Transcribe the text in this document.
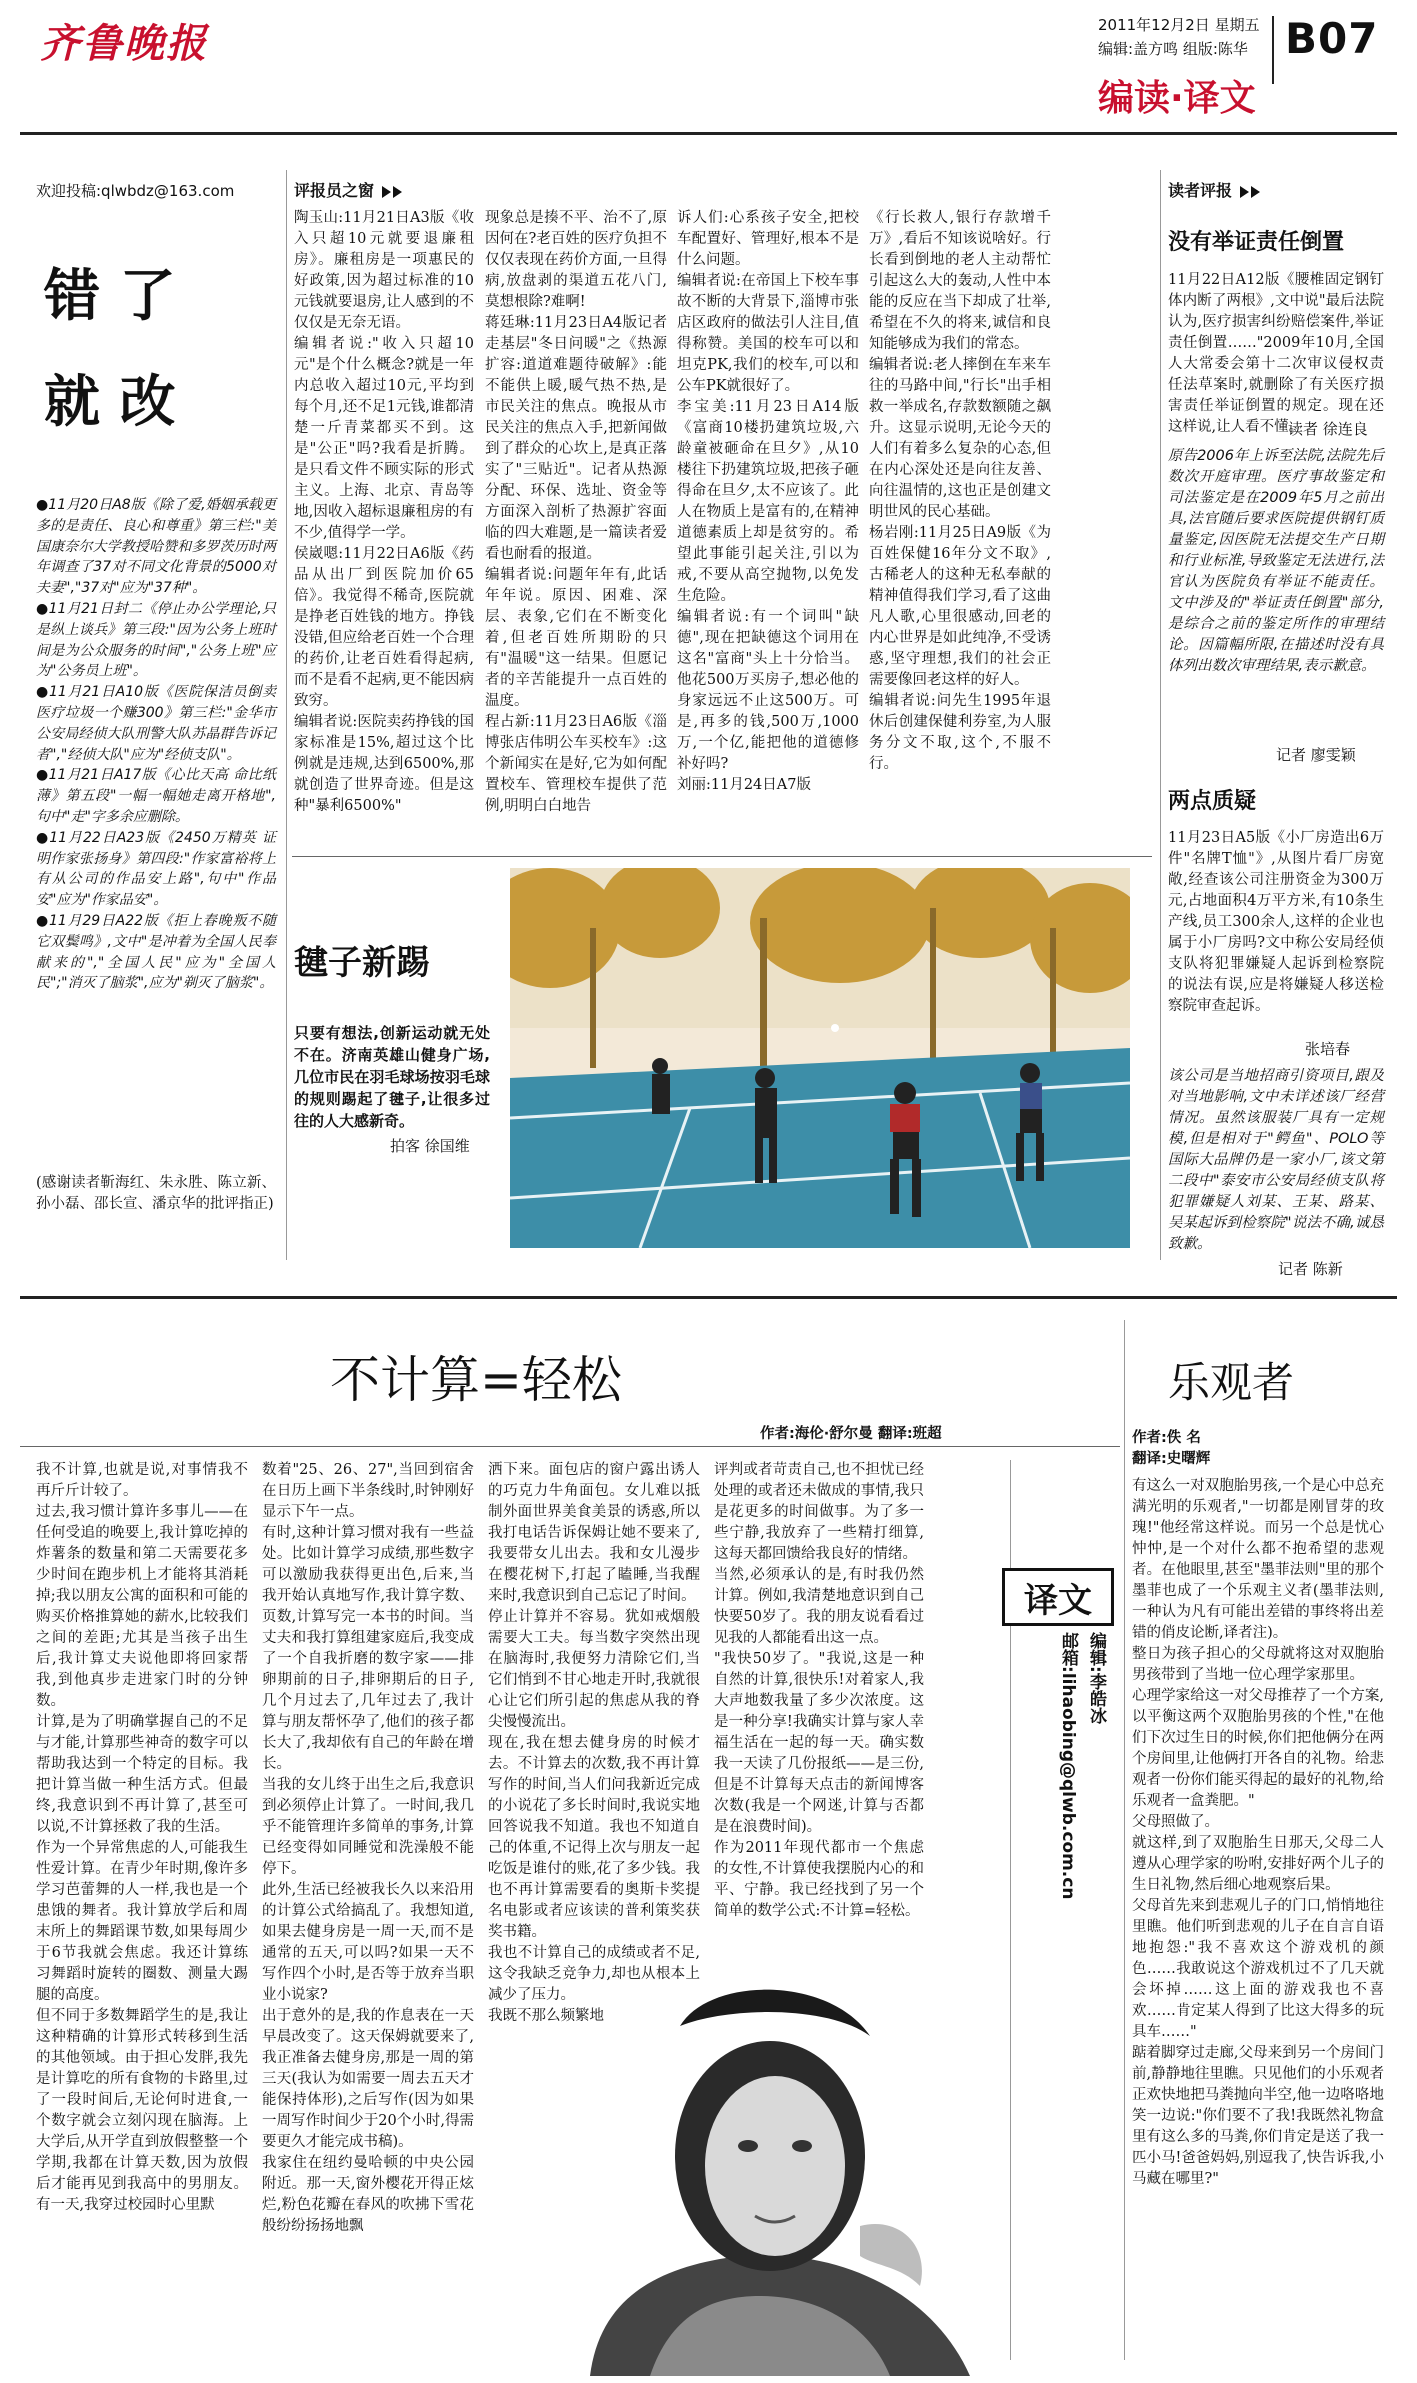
齐鲁晚报	2011年12月2日 星期五
编辑:盖方鸣 组版:陈华 B07
编读·译文
欢迎投稿:qlwbdz@163.com
错 了
就 改
●11月20日A8版《除了爱,婚姻承载更多的是责任、良心和尊重》第三栏:"美国康奈尔大学教授哈赞和多罗茨历时两年调查了37对不同文化背景的5000对夫妻","37对"应为"37种"。
●11月21日封二《停止办公学理论,只是纵上谈兵》第三段:"因为公务上班时间是为公众服务的时间","公务上班"应为"公务员上班"。
●11月21日A10版《医院保洁员倒卖医疗垃圾一个赚300》第三栏:"金华市公安局经侦大队刑警大队苏晶群告诉记者","经侦大队"应为"经侦支队"。
●11月21日A17版《心比天高 命比纸薄》第五段"一幅一幅她走离开格地",句中"走"字多余应删除。
●11月22日A23版《2450万精英 证明作家张扬身》第四段:"作家富裕将上有从公司的作品安上路",句中"作品安"应为"作家品安"。
●11月29日A22版《拒上春晚叛不随它双鬓鸣》,文中"是冲着为全国人民奉献来的","全国人民"应为"全国人民";"消灭了脑浆",应为"剃灭了脑浆"。
(感谢读者靳海红、朱永胜、陈立新、孙小磊、邵长宣、潘京华的批评指正)
评报员之窗
陶玉山:11月21日A3版《收入只超10元就要退廉租房》。廉租房是一项惠民的好政策,因为超过标准的10元钱就要退房,让人感到的不仅仅是无奈无语。
编辑者说:"收入只超10元"是个什么概念?就是一年内总收入超过10元,平均到每个月,还不足1元钱,谁都清楚一斤青菜都买不到。这是"公正"吗?我看是折腾。是只看文件不顾实际的形式主义。上海、北京、青岛等地,因收入超标退廉租房的有不少,值得学一学。
侯崴嗯:11月22日A6版《药品从出厂到医院加价65倍》。我觉得不稀奇,医院就是挣老百姓钱的地方。挣钱没错,但应给老百姓一个合理的药价,让老百姓看得起病,而不是看不起病,更不能因病致穷。
编辑者说:医院卖药挣钱的国家标准是15%,超过这个比例就是违规,达到6500%,那就创造了世界奇迹。但是这种"暴利6500%"
现象总是揍不平、治不了,原因何在?老百姓的医疗负担不仅仅表现在药价方面,一旦得病,放盘剥的渠道五花八门,莫想根除?难啊!
蒋廷琳:11月23日A4版记者走基层"冬日问暖"之《热源扩容:道道难题待破解》:能不能供上暖,暖气热不热,是市民关注的焦点。晚报从市民关注的焦点入手,把新闻做到了群众的心坎上,是真正落实了"三贴近"。记者从热源分配、环保、选址、资金等方面深入剖析了热源扩容面临的四大难题,是一篇读者爱看也耐看的报道。
编辑者说:问题年年有,此话年年说。原因、困难、深层、表象,它们在不断变化着,但老百姓所期盼的只有"温暖"这一结果。但愿记者的辛苦能提升一点百姓的温度。
程占新:11月23日A6版《淄博张店伟明公车买校车》:这个新闻实在是好,它为如何配置校车、管理校车提供了范例,明明白白地告
诉人们:心系孩子安全,把校车配置好、管理好,根本不是什么问题。
编辑者说:在帝国上下校车事故不断的大背景下,淄博市张店区政府的做法引人注目,值得称赞。美国的校车可以和坦克PK,我们的校车,可以和公车PK就很好了。
李宝美:11月23日A14版《富商10楼扔建筑垃圾,六龄童被砸命在旦夕》,从10楼往下扔建筑垃圾,把孩子砸得命在旦夕,太不应该了。此人在物质上是富有的,在精神道德素质上却是贫穷的。希望此事能引起关注,引以为戒,不要从高空抛物,以免发生危险。
编辑者说:有一个词叫"缺德",现在把缺德这个词用在这名"富商"头上十分恰当。他花500万买房子,想必他的身家远远不止这500万。可是,再多的钱,500万,1000万,一个亿,能把他的道德修补好吗?
刘丽:11月24日A7版
《行长救人,银行存款增千万》,看后不知该说啥好。行长看到倒地的老人主动帮忙引起这么大的轰动,人性中本能的反应在当下却成了壮举,希望在不久的将来,诚信和良知能够成为我们的常态。
编辑者说:老人摔倒在车来车往的马路中间,"行长"出手相救一举成名,存款数额随之飙升。这显示说明,无论今天的人们有着多么复杂的心态,但在内心深处还是向往友善、向往温情的,这也正是创建文明世风的民心基础。
杨岩刚:11月25日A9版《为百姓保健16年分文不取》,古稀老人的这种无私奉献的精神值得我们学习,看了这曲凡人歌,心里很感动,回老的内心世界是如此纯净,不受诱惑,坚守理想,我们的社会正需要像回老这样的好人。
编辑者说:问先生1995年退休后创建保健利券室,为人服务分文不取,这个,不服不行。
毽子新踢
只要有想法,创新运动就无处不在。济南英雄山健身广场,几位市民在羽毛球场按羽毛球的规则踢起了毽子,让很多过往的人大感新奇。
拍客 徐国维
读者评报
没有举证责任倒置
11月22日A12版《腰椎固定钢钉体内断了两根》,文中说"最后法院认为,医疗损害纠纷赔偿案件,举证责任倒置……"2009年10月,全国人大常委会第十二次审议侵权责任法草案时,就删除了有关医疗损害责任举证倒置的规定。现在还这样说,让人看不懂。
读者 徐连良
原告2006年上诉至法院,法院先后数次开庭审理。医疗事故鉴定和司法鉴定是在2009年5月之前出具,法官随后要求医院提供钢钉质量鉴定,因医院无法提交生产日期和行业标准,导致鉴定无法进行,法官认为医院负有举证不能责任。文中涉及的"举证责任倒置"部分,是综合之前的鉴定所作的审理结论。因篇幅所限,在描述时没有具体列出数次审理结果,表示歉意。
记者 廖雯颖
两点质疑
11月23日A5版《小厂房造出6万件"名牌T恤"》,从图片看厂房宽敞,经查该公司注册资金为300万元,占地面积4万平方米,有10条生产线,员工300余人,这样的企业也属于小厂房吗?文中称公安局经侦支队将犯罪嫌疑人起诉到检察院的说法有误,应是将嫌疑人移送检察院审查起诉。
张培春
该公司是当地招商引资项目,跟及对当地影响,文中未详述该厂经营情况。虽然该服装厂具有一定规模,但是相对于"鳄鱼"、POLO等国际大品牌仍是一家小厂,该文第二段中"泰安市公安局经侦支队将犯罪嫌疑人刘某、王某、路某、吴某起诉到检察院"说法不确,诚恳致歉。
记者 陈新
不计算=轻松
作者:海伦·舒尔曼 翻译:班超
我不计算,也就是说,对事情我不再斤斤计较了。
过去,我习惯计算许多事儿——在任何受追的晚要上,我计算吃掉的炸薯条的数量和第二天需要花多少时间在跑步机上才能将其消耗掉;我以朋友公寓的面积和可能的购买价格推算她的薪水,比较我们之间的差距;尤其是当孩子出生后,我计算丈夫说他即将回家帮我,到他真步走进家门时的分钟数。
计算,是为了明确掌握自己的不足与才能,计算那些神奇的数字可以帮助我达到一个特定的目标。我把计算当做一种生活方式。但最终,我意识到不再计算了,甚至可以说,不计算拯救了我的生活。
作为一个异常焦虑的人,可能我生性爱计算。在青少年时期,像许多学习芭蕾舞的人一样,我也是一个患饿的舞者。我计算放学后和周末所上的舞蹈课节数,如果每周少于6节我就会焦虑。我还计算练习舞蹈时旋转的圈数、测量大踢腿的高度。
但不同于多数舞蹈学生的是,我让这种精确的计算形式转移到生活的其他领域。由于担心发胖,我先是计算吃的所有食物的卡路里,过了一段时间后,无论何时进食,一个数字就会立刻闪现在脑海。上大学后,从开学直到放假整整一个学期,我都在计算天数,因为放假后才能再见到我高中的男朋友。有一天,我穿过校园时心里默
数着"25、26、27",当回到宿舍在日历上画下半条线时,时钟刚好显示下午一点。
有时,这种计算习惯对我有一些益处。比如计算学习成绩,那些数字可以激励我获得更出色,后来,当我开始认真地写作,我计算字数、页数,计算写完一本书的时间。当丈夫和我打算组建家庭后,我变成了一个自我折磨的数字家——排卵期前的日子,排卵期后的日子,几个月过去了,几年过去了,我计算与朋友帮怀孕了,他们的孩子都长大了,我却依有自己的年龄在增长。
当我的女儿终于出生之后,我意识到必须停止计算了。一时间,我几乎不能管理许多简单的事务,计算已经变得如同睡觉和洗澡般不能停下。
此外,生活已经被我长久以来沿用的计算公式给搞乱了。我想知道,如果去健身房是一周一天,而不是通常的五天,可以吗?如果一天不写作四个小时,是否等于放弃当职业小说家?
出于意外的是,我的作息表在一天早晨改变了。这天保姆就要来了,我正准备去健身房,那是一周的第三天(我认为如需要一周去五天才能保持体形),之后写作(因为如果一周写作时间少于20个小时,得需要更久才能完成书稿)。
我家住在纽约曼哈顿的中央公园附近。那一天,窗外樱花开得正炫烂,粉色花瓣在春风的吹拂下雪花般纷纷扬扬地飘
洒下来。面包店的窗户露出诱人的巧克力牛角面包。女儿难以抵制外面世界美食美景的诱惑,所以我打电话告诉保姆让她不要来了,我要带女儿出去。我和女儿漫步在樱花树下,打起了瞌睡,当我醒来时,我意识到自己忘记了时间。
停止计算并不容易。犹如戒烟般需要大工夫。每当数字突然出现在脑海时,我便努力清除它们,当它们悄到不甘心地走开时,我就很心让它们所引起的焦虑从我的脊尖慢慢流出。
现在,我在想去健身房的时候才去。不计算去的次数,我不再计算写作的时间,当人们问我新近完成的小说花了多长时间时,我说实地回答说我不知道。我也不知道自己的体重,不记得上次与朋友一起吃饭是谁付的账,花了多少钱。我也不再计算需要看的奥斯卡奖提名电影或者应该读的普利策奖获奖书籍。
我也不计算自己的成绩或者不足,这令我缺乏竞争力,却也从根本上减少了压力。
我既不那么频繁地
评判或者苛责自己,也不担忧已经处理的或者还未做成的事情,我只是花更多的时间做事。为了多一些宁静,我放弃了一些精打细算,这每天都回馈给我良好的情绪。
当然,必须承认的是,有时我仍然计算。例如,我清楚地意识到自己快要50岁了。我的朋友说看看过见我的人都能看出这一点。
"我快50岁了。"我说,这是一种自然的计算,很快乐!对着家人,我大声地数我量了多少次浓度。这是一种分享!我确实计算与家人幸福生活在一起的每一天。确实数我一天读了几份报纸——是三份,但是不计算每天点击的新闻博客次数(我是一个网迷,计算与否都是在浪费时间)。
作为2011年现代都市一个焦虑的女性,不计算使我摆脱内心的和平、宁静。我已经找到了另一个简单的数学公式:不计算=轻松。
译文
编辑:李皓冰
邮箱:lihaobing@qlwb.com.cn
乐观者
作者:佚 名
翻译:史曙辉
有这么一对双胞胎男孩,一个是心中总充满光明的乐观者,"一切都是刚冒芽的玫瑰!"他经常这样说。而另一个总是忧心忡忡,是一个对什么都不抱希望的悲观者。在他眼里,甚至"墨菲法则"里的那个墨菲也成了一个乐观主义者(墨菲法则,一种认为凡有可能出差错的事终将出差错的俏皮论断,译者注)。
整日为孩子担心的父母就将这对双胞胎男孩带到了当地一位心理学家那里。
心理学家给这一对父母推荐了一个方案,以平衡这两个双胞胎男孩的个性,"在他们下次过生日的时候,你们把他俩分在两个房间里,让他俩打开各自的礼物。给悲观者一份你们能买得起的最好的礼物,给乐观者一盒粪肥。"
父母照做了。
就这样,到了双胞胎生日那天,父母二人遵从心理学家的吩咐,安排好两个儿子的生日礼物,然后细心地观察后果。
父母首先来到悲观儿子的门口,悄悄地往里瞧。他们听到悲观的儿子在自言自语地抱怨:"我不喜欢这个游戏机的颜色……我敢说这个游戏机过不了几天就会坏掉……这上面的游戏我也不喜欢……肯定某人得到了比这大得多的玩具车……"
踮着脚穿过走廊,父母来到另一个房间门前,静静地往里瞧。只见他们的小乐观者正欢快地把马粪抛向半空,他一边咯咯地笑一边说:"你们要不了我!我既然礼物盒里有这么多的马粪,你们肯定是送了我一匹小马!爸爸妈妈,别逗我了,快告诉我,小马藏在哪里?"
